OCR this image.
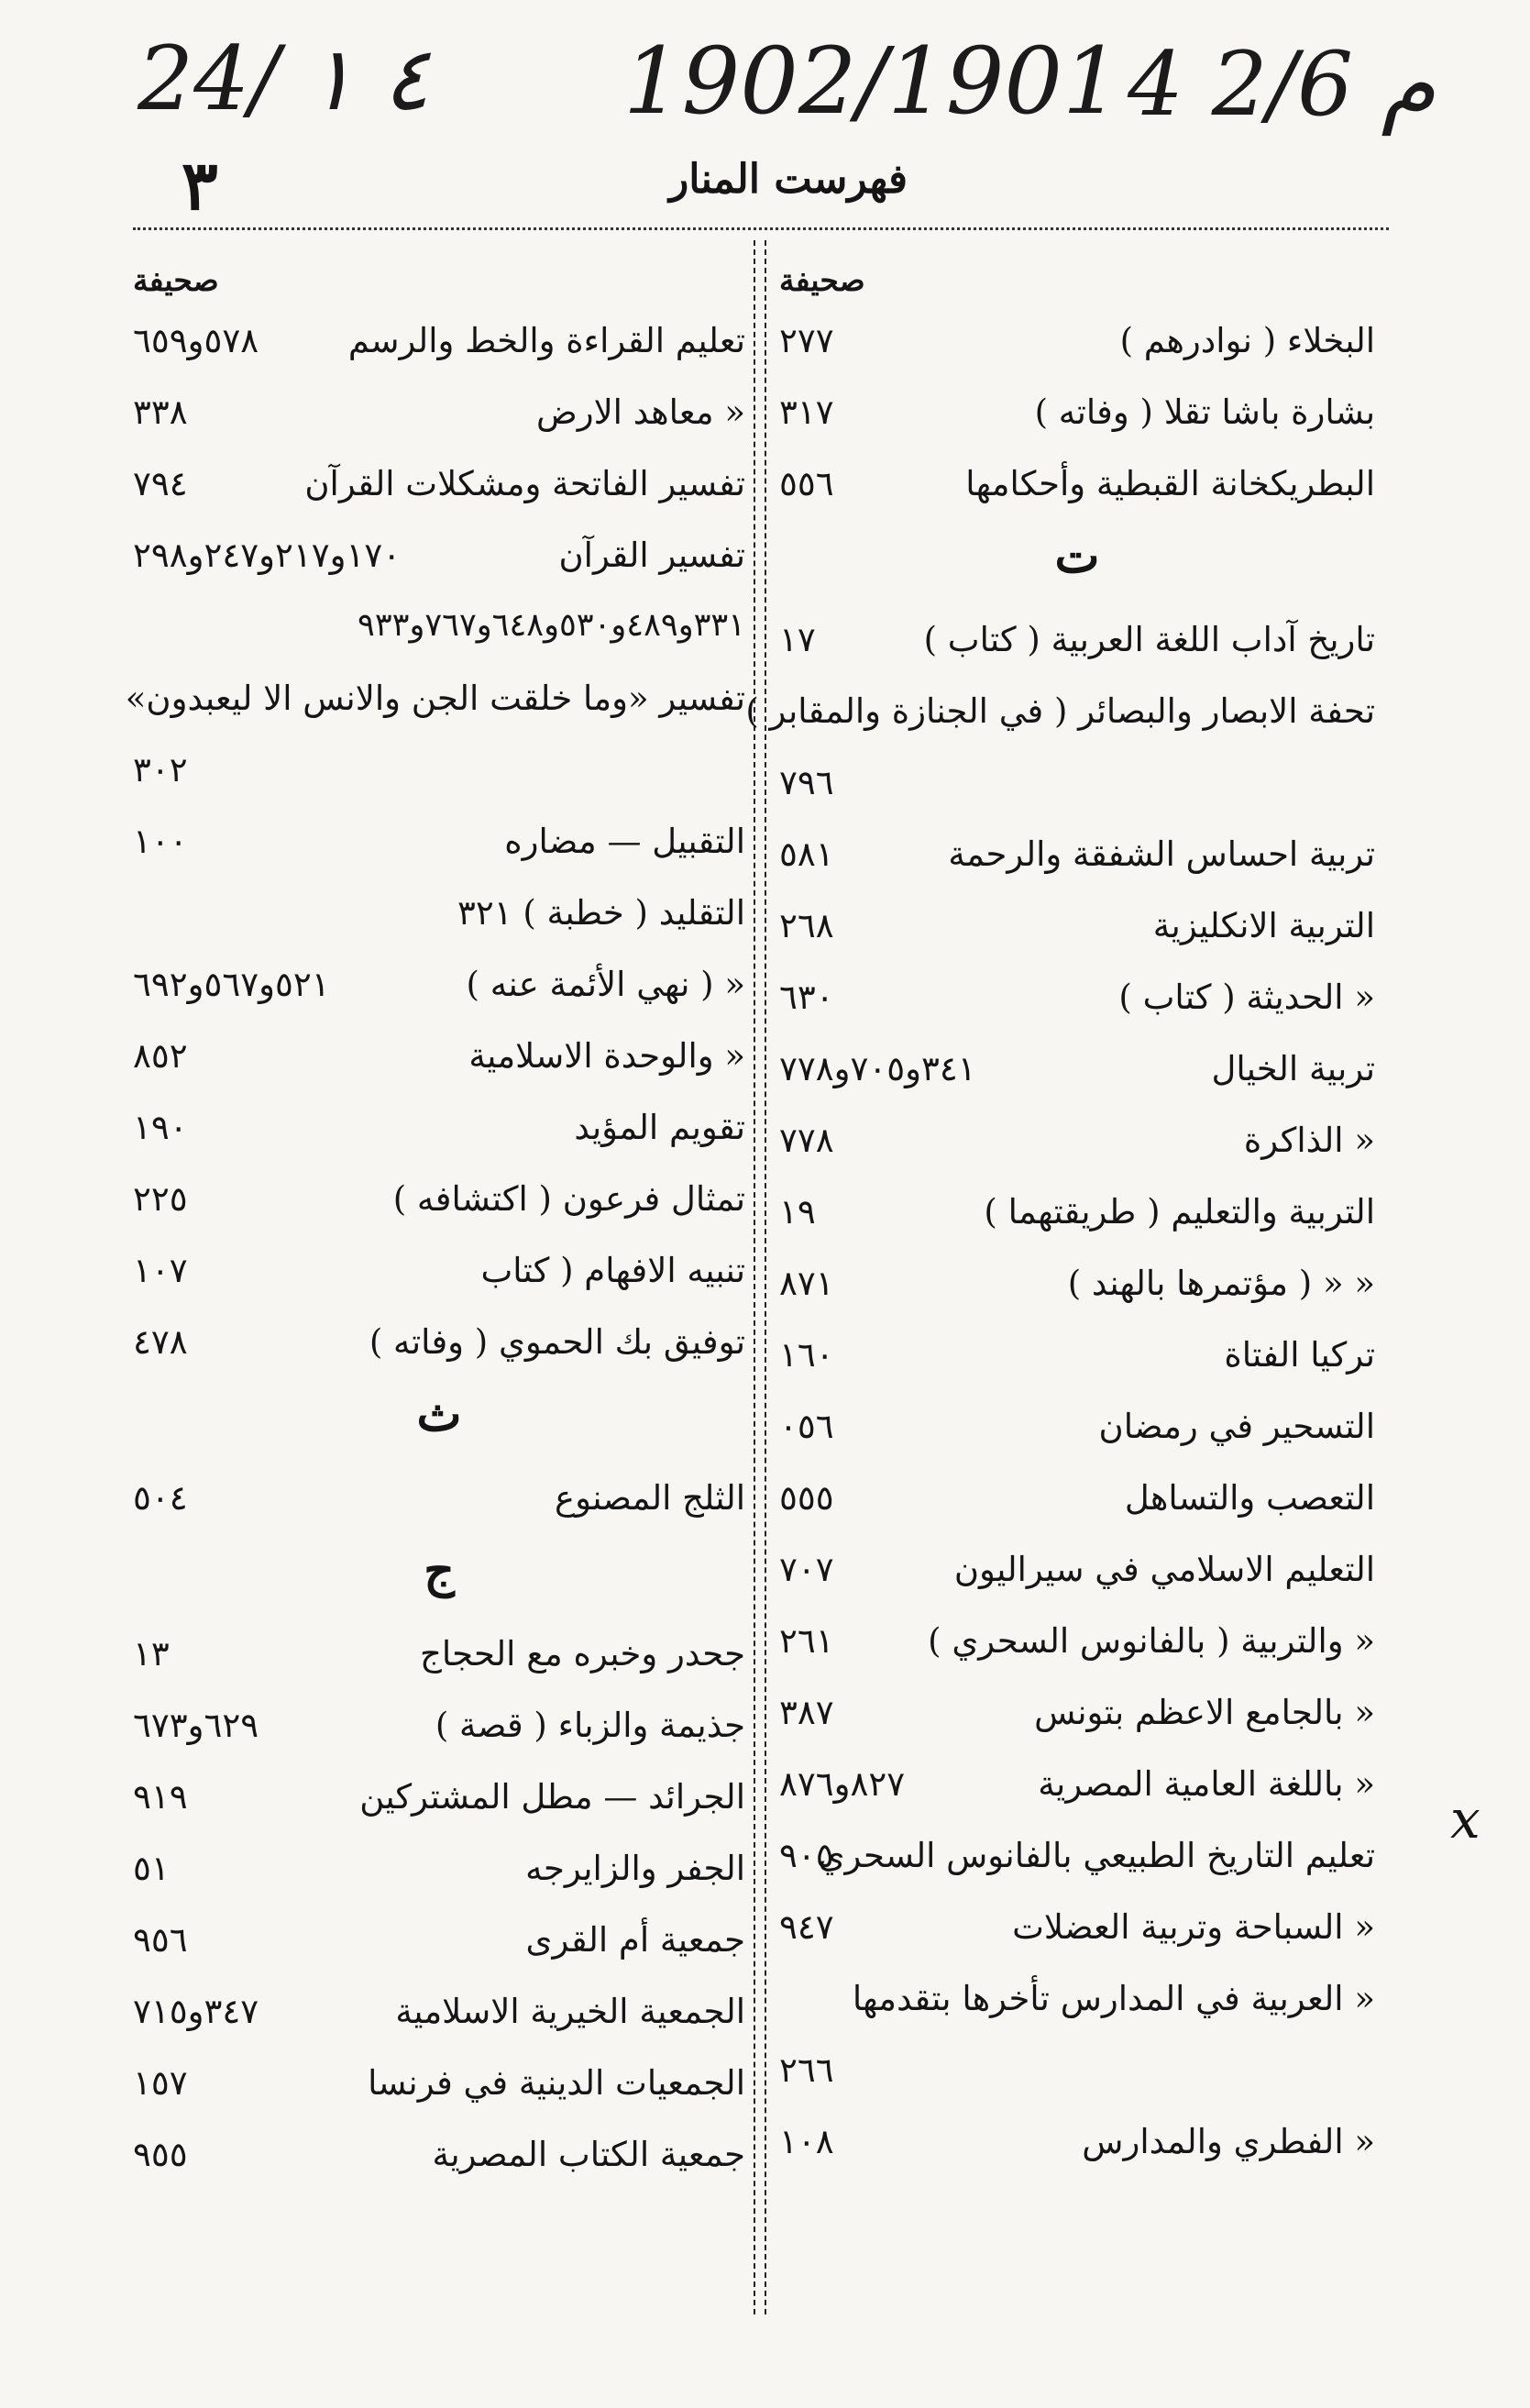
24/ ٤ ١ 1902/1901 4 م 2/6
٣	فهرست المنار
x
صحيفة
البخلاء ( نوادرهم )
٢٧٧
بشارة باشا تقلا ( وفاته )
٣١٧
البطريكخانة القبطية وأحكامها
٥٥٦
ت
تاريخ آداب اللغة العربية ( كتاب )
١٧
تحفة الابصار والبصائر ( في الجنازة والمقابر )
٧٩٦
تربية احساس الشفقة والرحمة
٥٨١
التربية الانكليزية
٢٦٨
« الحديثة ( كتاب )
٦٣٠
تربية الخيال
٣٤١و٧٠٥و٧٧٨
« الذاكرة
٧٧٨
التربية والتعليم ( طريقتهما )
١٩
« « ( مؤتمرها بالهند )
٨٧١
تركيا الفتاة
١٦٠
التسحير في رمضان
٠٥٦
التعصب والتساهل
٥٥٥
التعليم الاسلامي في سيراليون
٧٠٧
« والتربية ( بالفانوس السحري )
٢٦١
« بالجامع الاعظم بتونس
٣٨٧
« باللغة العامية المصرية
٨٢٧و٨٧٦
تعليم التاريخ الطبيعي بالفانوس السحري
٩٠٥
« السباحة وتربية العضلات
٩٤٧
« العربية في المدارس تأخرها بتقدمها
٢٦٦
« الفطري والمدارس
١٠٨
صحيفة
تعليم القراءة والخط والرسم
٥٧٨و٦٥٩
« معاهد الارض
٣٣٨
تفسير الفاتحة ومشكلات القرآن
٧٩٤
تفسير القرآن
١٧٠و٢١٧و٢٤٧و٢٩٨
٣٣١و٤٨٩و٥٣٠و٦٤٨و٧٦٧و٩٣٣
تفسير «وما خلقت الجن والانس الا ليعبدون»
٣٠٢
التقبيل — مضاره
١٠٠
التقليد ( خطبة ) ٣٢١
« ( نهي الأئمة عنه )
٥٢١و٥٦٧و٦٩٢
« والوحدة الاسلامية
٨٥٢
تقويم المؤيد
١٩٠
تمثال فرعون ( اكتشافه )
٢٢٥
تنبيه الافهام ( كتاب
١٠٧
توفيق بك الحموي ( وفاته )
٤٧٨
ث
الثلج المصنوع
٥٠٤
ج
جحدر وخبره مع الحجاج
١٣
جذيمة والزباء ( قصة )
٦٢٩و٦٧٣
الجرائد — مطل المشتركين
٩١٩
الجفر والزايرجه
٥١
جمعية أم القرى
٩٥٦
الجمعية الخيرية الاسلامية
٣٤٧و٧١٥
الجمعيات الدينية في فرنسا
١٥٧
جمعية الكتاب المصرية
٩٥٥
